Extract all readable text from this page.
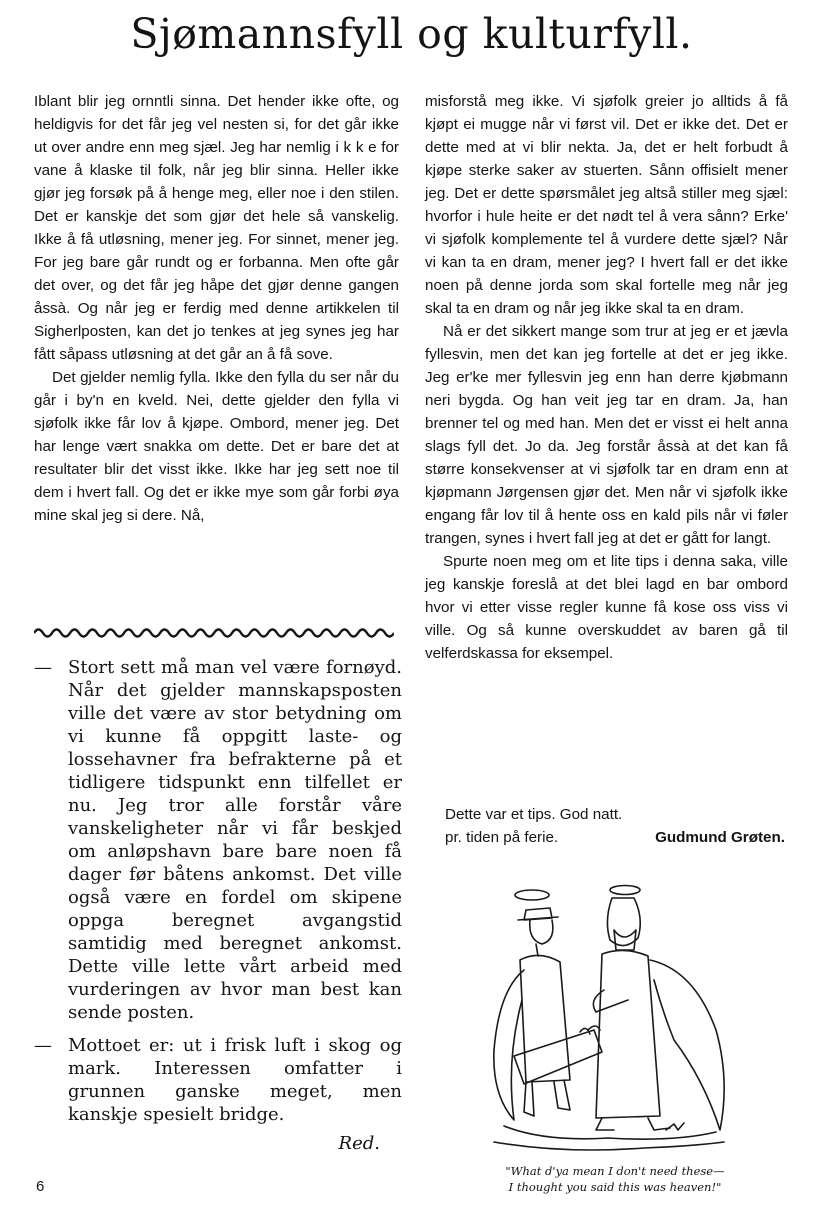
Sjømannsfyll og kulturfyll.

Iblant blir jeg ornntli sinna. Det hender ikke ofte, og heldigvis for det får jeg vel nesten si, for det går ikke ut over andre enn meg sjæl. Jeg har nemlig i k k e for vane å klaske til folk, når jeg blir sinna. Heller ikke gjør jeg forsøk på å henge meg, eller noe i den stilen. Det er kanskje det som gjør det hele så vanskelig. Ikke å få utløsning, mener jeg. For sinnet, mener jeg. For jeg bare går rundt og er forbanna. Men ofte går det over, og det får jeg håpe det gjør denne gangen åssà. Og når jeg er ferdig med denne artikkelen til Sigherlposten, kan det jo tenkes at jeg synes jeg har fått såpass utløsning at det går an å få sove.

Det gjelder nemlig fylla. Ikke den fylla du ser når du går i by'n en kveld. Nei, dette gjelder den fylla vi sjøfolk ikke får lov å kjøpe. Ombord, mener jeg. Det har lenge vært snakka om dette. Det er bare det at resultater blir det visst ikke. Ikke har jeg sett noe til dem i hvert fall. Og det er ikke mye som går forbi øya mine skal jeg si dere. Nå,

— Stort sett må man vel være fornøyd. Når det gjelder mannskapsposten ville det være av stor betydning om vi kunne få oppgitt laste- og lossehavner fra befrakterne på et tidligere tidspunkt enn tilfellet er nu. Jeg tror alle forstår våre vanskeligheter når vi får beskjed om anløpshavn bare bare noen få dager før båtens ankomst. Det ville også være en fordel om skipene oppga beregnet avgangstid samtidig med beregnet ankomst. Dette ville lette vårt arbeid med vurderingen av hvor man best kan sende posten.
— Mottoet er: ut i frisk luft i skog og mark. Interessen omfatter i grunnen ganske meget, men kanskje spesielt bridge.
Red.

misforstå meg ikke. Vi sjøfolk greier jo alltids å få kjøpt ei mugge når vi først vil. Det er ikke det. Det er dette med at vi blir nekta. Ja, det er helt forbudt å kjøpe sterke saker av stuerten. Sånn offisielt mener jeg. Det er dette spørsmålet jeg altså stiller meg sjæl: hvorfor i hule heite er det nødt tel å vera sånn? Erke' vi sjøfolk komplemente tel å vurdere dette sjæl? Når vi kan ta en dram, mener jeg? I hvert fall er det ikke noen på denne jorda som skal fortelle meg når jeg skal ta en dram og når jeg ikke skal ta en dram.

Nå er det sikkert mange som trur at jeg er et jævla fyllesvin, men det kan jeg fortelle at det er jeg ikke. Jeg er'ke mer fyllesvin jeg enn han derre kjøbmann neri bygda. Og han veit jeg tar en dram. Ja, han brenner tel og med han. Men det er visst ei helt anna slags fyll det. Jo da. Jeg forstår åssà at det kan få større konsekvenser at vi sjøfolk tar en dram enn at kjøpmann Jørgensen gjør det. Men når vi sjøfolk ikke engang får lov til å hente oss en kald pils når vi føler trangen, synes i hvert fall jeg at det er gått for langt.

Spurte noen meg om et lite tips i denna saka, ville jeg kanskje foreslå at det blei lagd en bar ombord hvor vi etter visse regler kunne få kose oss viss vi ville. Og så kunne overskuddet av baren gå til velferdskassa for eksempel.

Dette var et tips. God natt.
pr. tiden på ferie.	Gudmund Grøten.
"What d'ya mean I don't need these—
I thought you said this was heaven!"
6
